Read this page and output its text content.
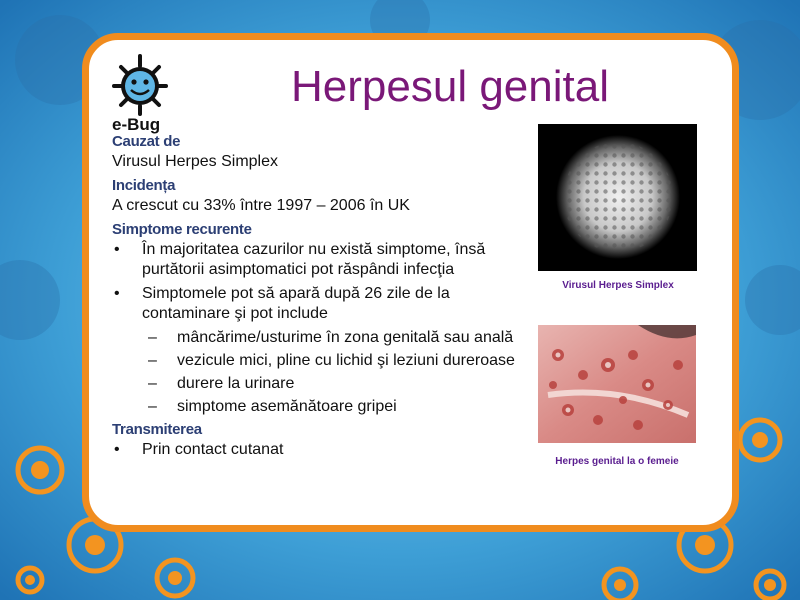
e-Bug
Herpesul genital
Cauzat de
Virusul Herpes Simplex
Incidența
A crescut cu 33% între 1997 – 2006 în UK
Simptome recurente
• În majoritatea cazurilor nu există simptome, însă purtătorii asimptomatici pot răspândi infecţia
• Simptomele pot să apară după 26 zile de la contaminare şi pot include
– mâncărime/usturime în zona genitală sau anală
– vezicule mici, pline cu lichid şi leziuni dureroase
– durere la urinare
– simptome asemănătoare gripei
Transmiterea
• Prin contact cutanat
Virusul Herpes Simplex
Herpes genital la o femeie
